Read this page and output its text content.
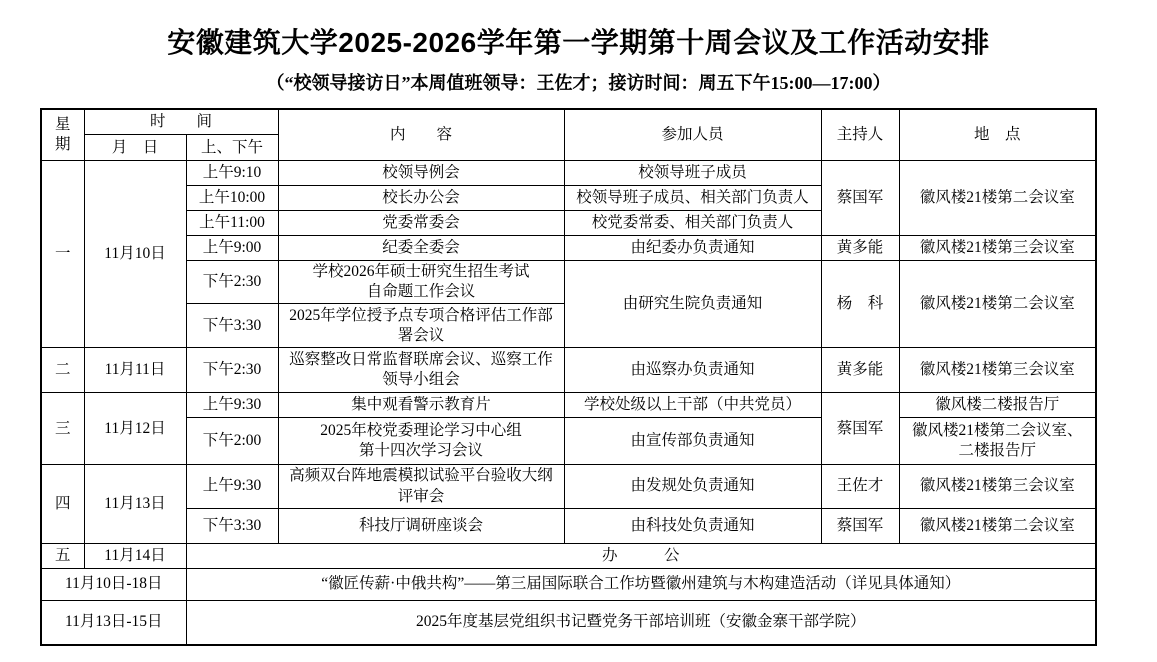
安徽建筑大学2025-2026学年第一学期第十周会议及工作活动安排
（“校领导接访日”本周值班领导：王佐才；接访时间：周五下午15:00—17:00）
星
期	时　　间		内　　容	参加人员	主持人	地　点
	月　日	上、下午				
一	11月10日	上午9:10	校领导例会	校领导班子成员	蔡国军	徽风楼21楼第二会议室
		上午10:00	校长办公会	校领导班子成员、相关部门负责人		
		上午11:00	党委常委会	校党委常委、相关部门负责人		
		上午9:00	纪委全委会	由纪委办负责通知	黄多能	徽风楼21楼第三会议室
		下午2:30	学校2026年硕士研究生招生考试
自命题工作会议	由研究生院负责通知	杨　科	徽风楼21楼第二会议室
		下午3:30	2025年学位授予点专项合格评估工作部
署会议			
二	11月11日	下午2:30	巡察整改日常监督联席会议、巡察工作
领导小组会	由巡察办负责通知	黄多能	徽风楼21楼第三会议室
三	11月12日	上午9:30	集中观看警示教育片	学校处级以上干部（中共党员）	蔡国军	徽风楼二楼报告厅
		下午2:00	2025年校党委理论学习中心组
第十四次学习会议	由宣传部负责通知		徽风楼21楼第二会议室、
二楼报告厅
四	11月13日	上午9:30	高频双台阵地震模拟试验平台验收大纲
评审会	由发规处负责通知	王佐才	徽风楼21楼第三会议室
		下午3:30	科技厅调研座谈会	由科技处负责通知	蔡国军	徽风楼21楼第二会议室
五	11月14日	办　　　公				
11月10日-18日		“徽匠传薪·中俄共构”——第三届国际联合工作坊暨徽州建筑与木构建造活动（详见具体通知）				
11月13日-15日		2025年度基层党组织书记暨党务干部培训班（安徽金寨干部学院）				
